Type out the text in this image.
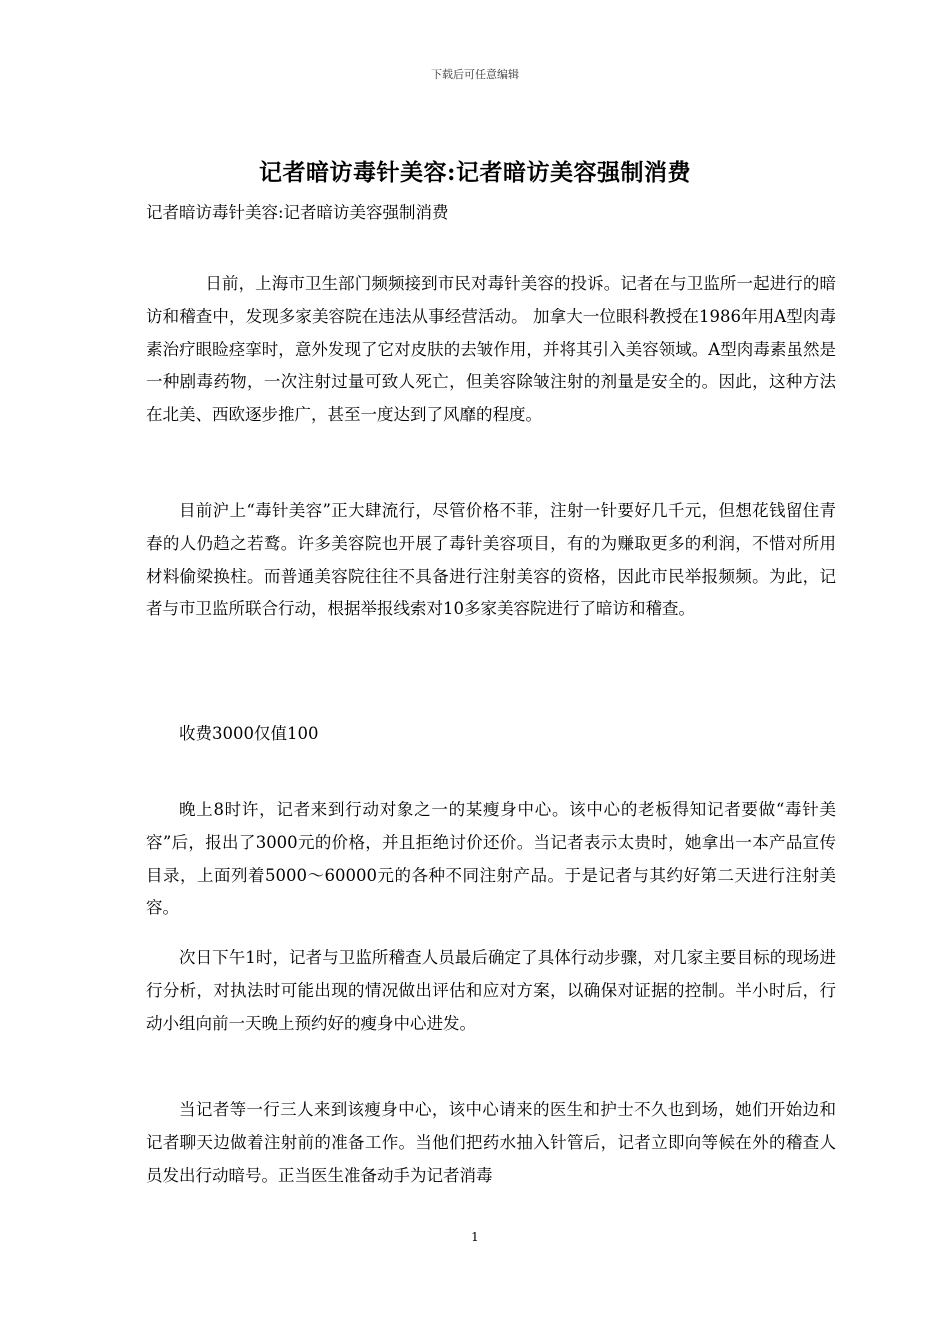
下载后可任意编辑
记者暗访毒针美容:记者暗访美容强制消费
记者暗访毒针美容:记者暗访美容强制消费

日前，上海市卫生部门频频接到市民对毒针美容的投诉。记者在与卫监所一起进行的暗访和稽查中，发现多家美容院在违法从事经营活动。 加拿大一位眼科教授在1986年用A型肉毒素治疗眼睑痉挛时，意外发现了它对皮肤的去皱作用，并将其引入美容领域。A型肉毒素虽然是一种剧毒药物，一次注射过量可致人死亡，但美容除皱注射的剂量是安全的。因此，这种方法在北美、西欧逐步推广，甚至一度达到了风靡的程度。

目前沪上“毒针美容”正大肆流行，尽管价格不菲，注射一针要好几千元，但想花钱留住青春的人仍趋之若鹜。许多美容院也开展了毒针美容项目，有的为赚取更多的利润，不惜对所用材料偷梁换柱。而普通美容院往往不具备进行注射美容的资格，因此市民举报频频。为此，记者与市卫监所联合行动，根据举报线索对10多家美容院进行了暗访和稽查。

收费3000仅值100

晚上8时许，记者来到行动对象之一的某瘦身中心。该中心的老板得知记者要做“毒针美容”后，报出了3000元的价格，并且拒绝讨价还价。当记者表示太贵时，她拿出一本产品宣传目录，上面列着5000～60000元的各种不同注射产品。于是记者与其约好第二天进行注射美容。

次日下午1时，记者与卫监所稽查人员最后确定了具体行动步骤，对几家主要目标的现场进行分析，对执法时可能出现的情况做出评估和应对方案，以确保对证据的控制。半小时后，行动小组向前一天晚上预约好的瘦身中心进发。

当记者等一行三人来到该瘦身中心，该中心请来的医生和护士不久也到场，她们开始边和记者聊天边做着注射前的准备工作。当他们把药水抽入针管后，记者立即向等候在外的稽查人员发出行动暗号。正当医生准备动手为记者消毒

1
